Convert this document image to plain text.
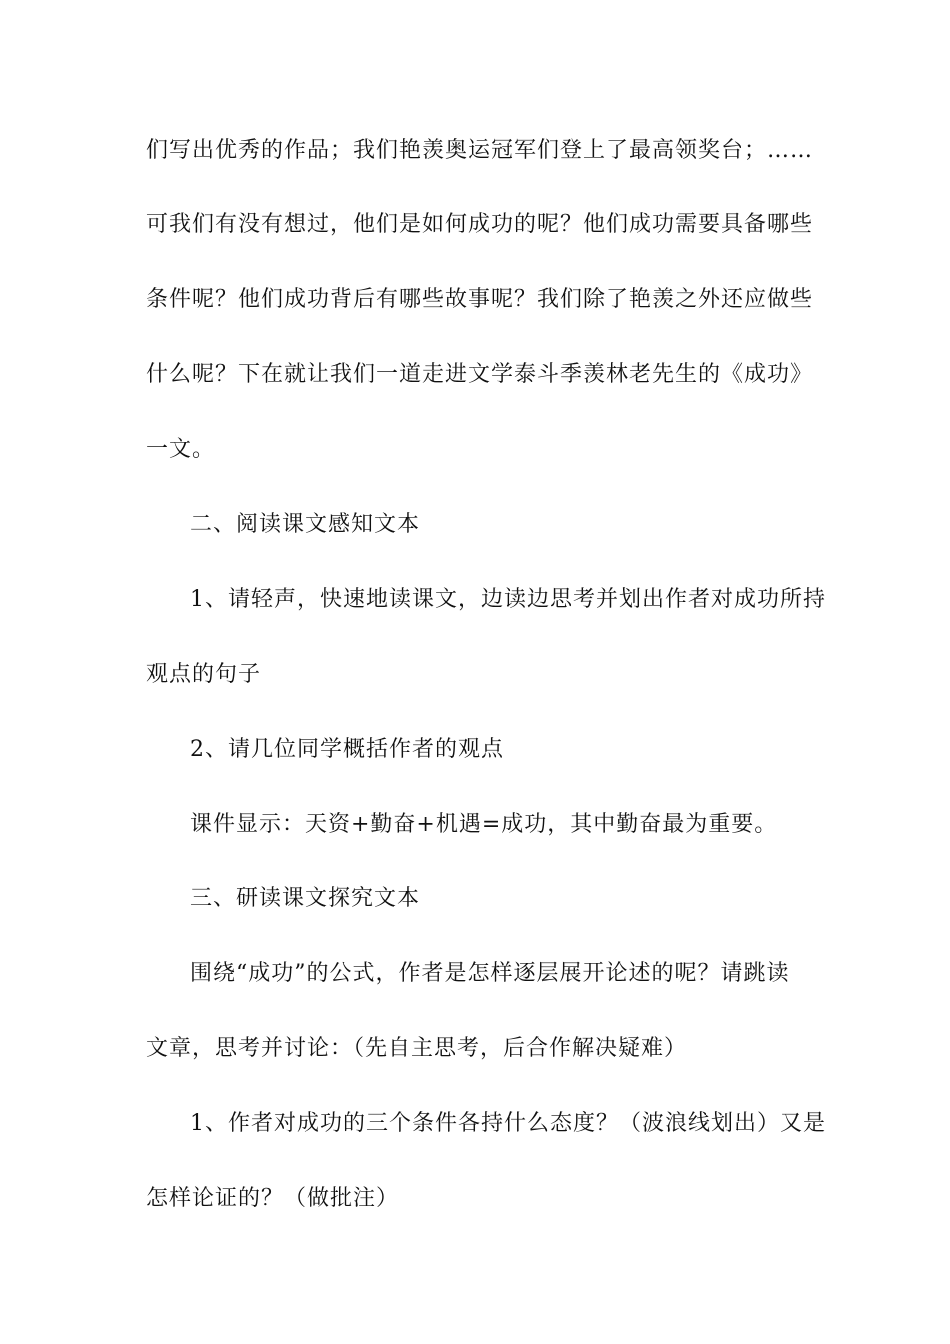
们写出优秀的作品；我们艳羡奥运冠军们登上了最高领奖台；……
可我们有没有想过，他们是如何成功的呢？他们成功需要具备哪些
条件呢？他们成功背后有哪些故事呢？我们除了艳羡之外还应做些
什么呢？下在就让我们一道走进文学泰斗季羡林老先生的《成功》
一文。
二、阅读课文感知文本
1、请轻声，快速地读课文，边读边思考并划出作者对成功所持
观点的句子
2、请几位同学概括作者的观点
课件显示：天资+勤奋+机遇=成功，其中勤奋最为重要。
三、研读课文探究文本
围绕“成功”的公式，作者是怎样逐层展开论述的呢？请跳读
文章，思考并讨论：（先自主思考，后合作解决疑难）
1、作者对成功的三个条件各持什么态度？（波浪线划出）又是
怎样论证的？（做批注）
